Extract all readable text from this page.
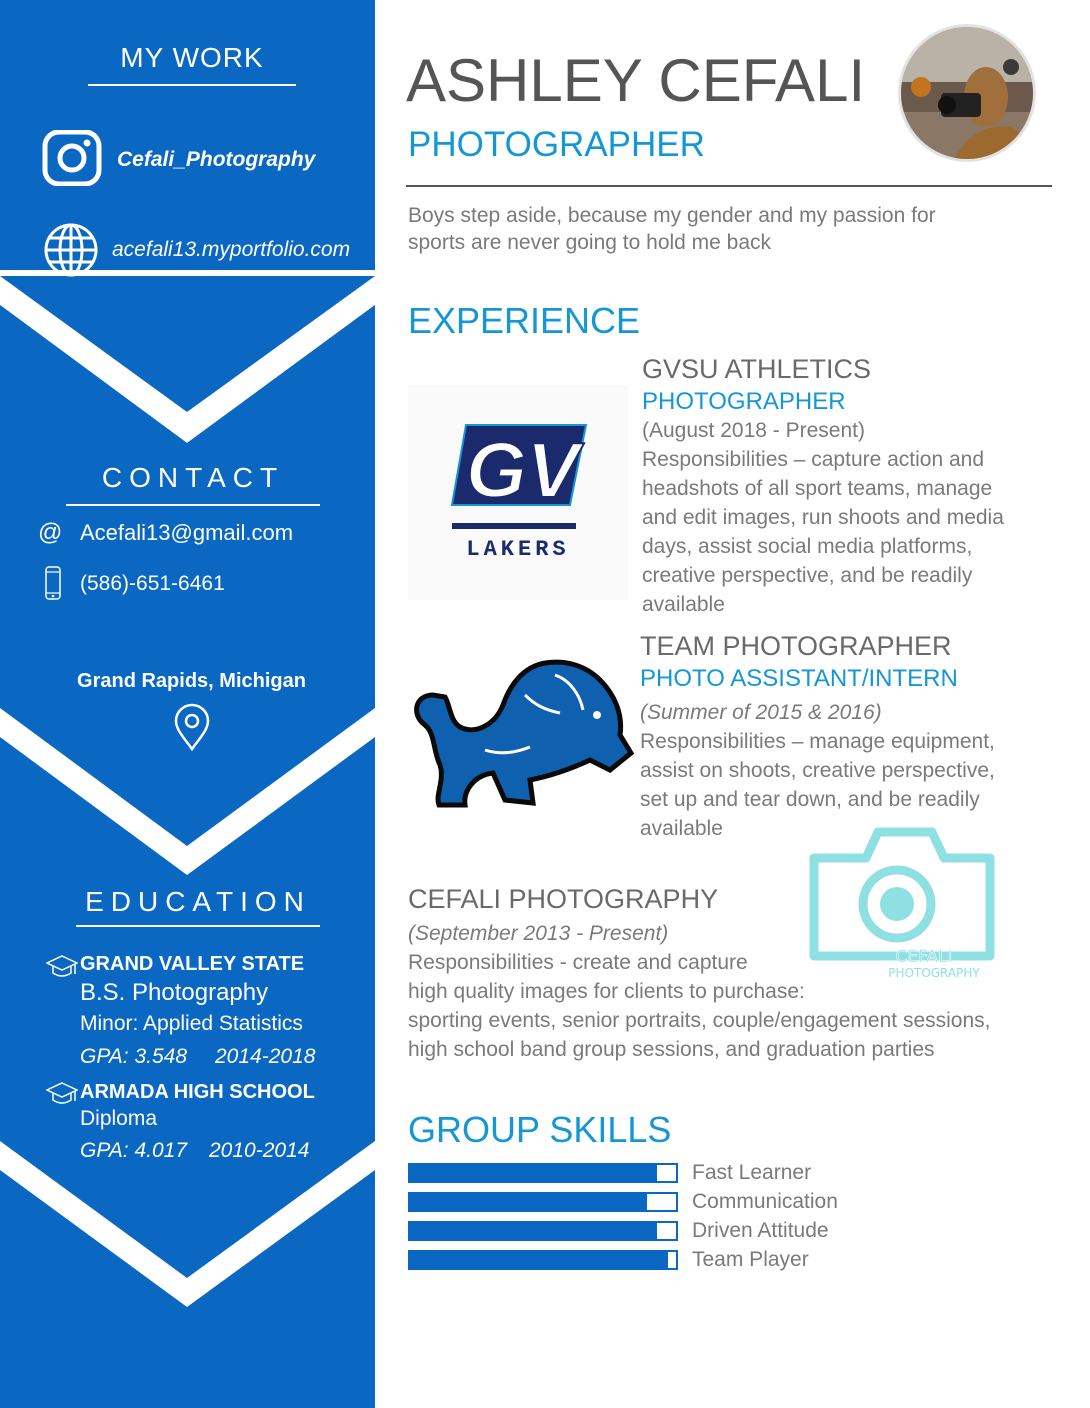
MY WORK
Cefali_Photography
acefali13.myportfolio.com
CONTACT
@ Acefali13@gmail.com
(586)-651-6461
Grand Rapids, Michigan
EDUCATION
GRAND VALLEY STATE
B.S. Photography
Minor: Applied Statistics
GPA: 3.548 2014-2018
ARMADA HIGH SCHOOL
Diploma
GPA: 4.017 2010-2014
ASHLEY CEFALI
PHOTOGRAPHER
Boys step aside, because my gender and my passion for
sports are never going to hold me back
EXPERIENCE
GV
LAKERS
GVSU ATHLETICS
PHOTOGRAPHER
(August 2018 - Present)
Responsibilities – capture action and
headshots of all sport teams, manage
and edit images, run shoots and media
days, assist social media platforms,
creative perspective, and be readily
available
TEAM PHOTOGRAPHER
PHOTO ASSISTANT/INTERN
(Summer of 2015 & 2016)
Responsibilities – manage equipment,
assist on shoots, creative perspective,
set up and tear down, and be readily
available
CEFALI
PHOTOGRAPHY
CEFALI PHOTOGRAPHY
(September 2013 - Present)
Responsibilities - create and capture
high quality images for clients to purchase:
sporting events, senior portraits, couple/engagement sessions,
high school band group sessions, and graduation parties
GROUP SKILLS
Fast Learner
Communication
Driven Attitude
Team Player
